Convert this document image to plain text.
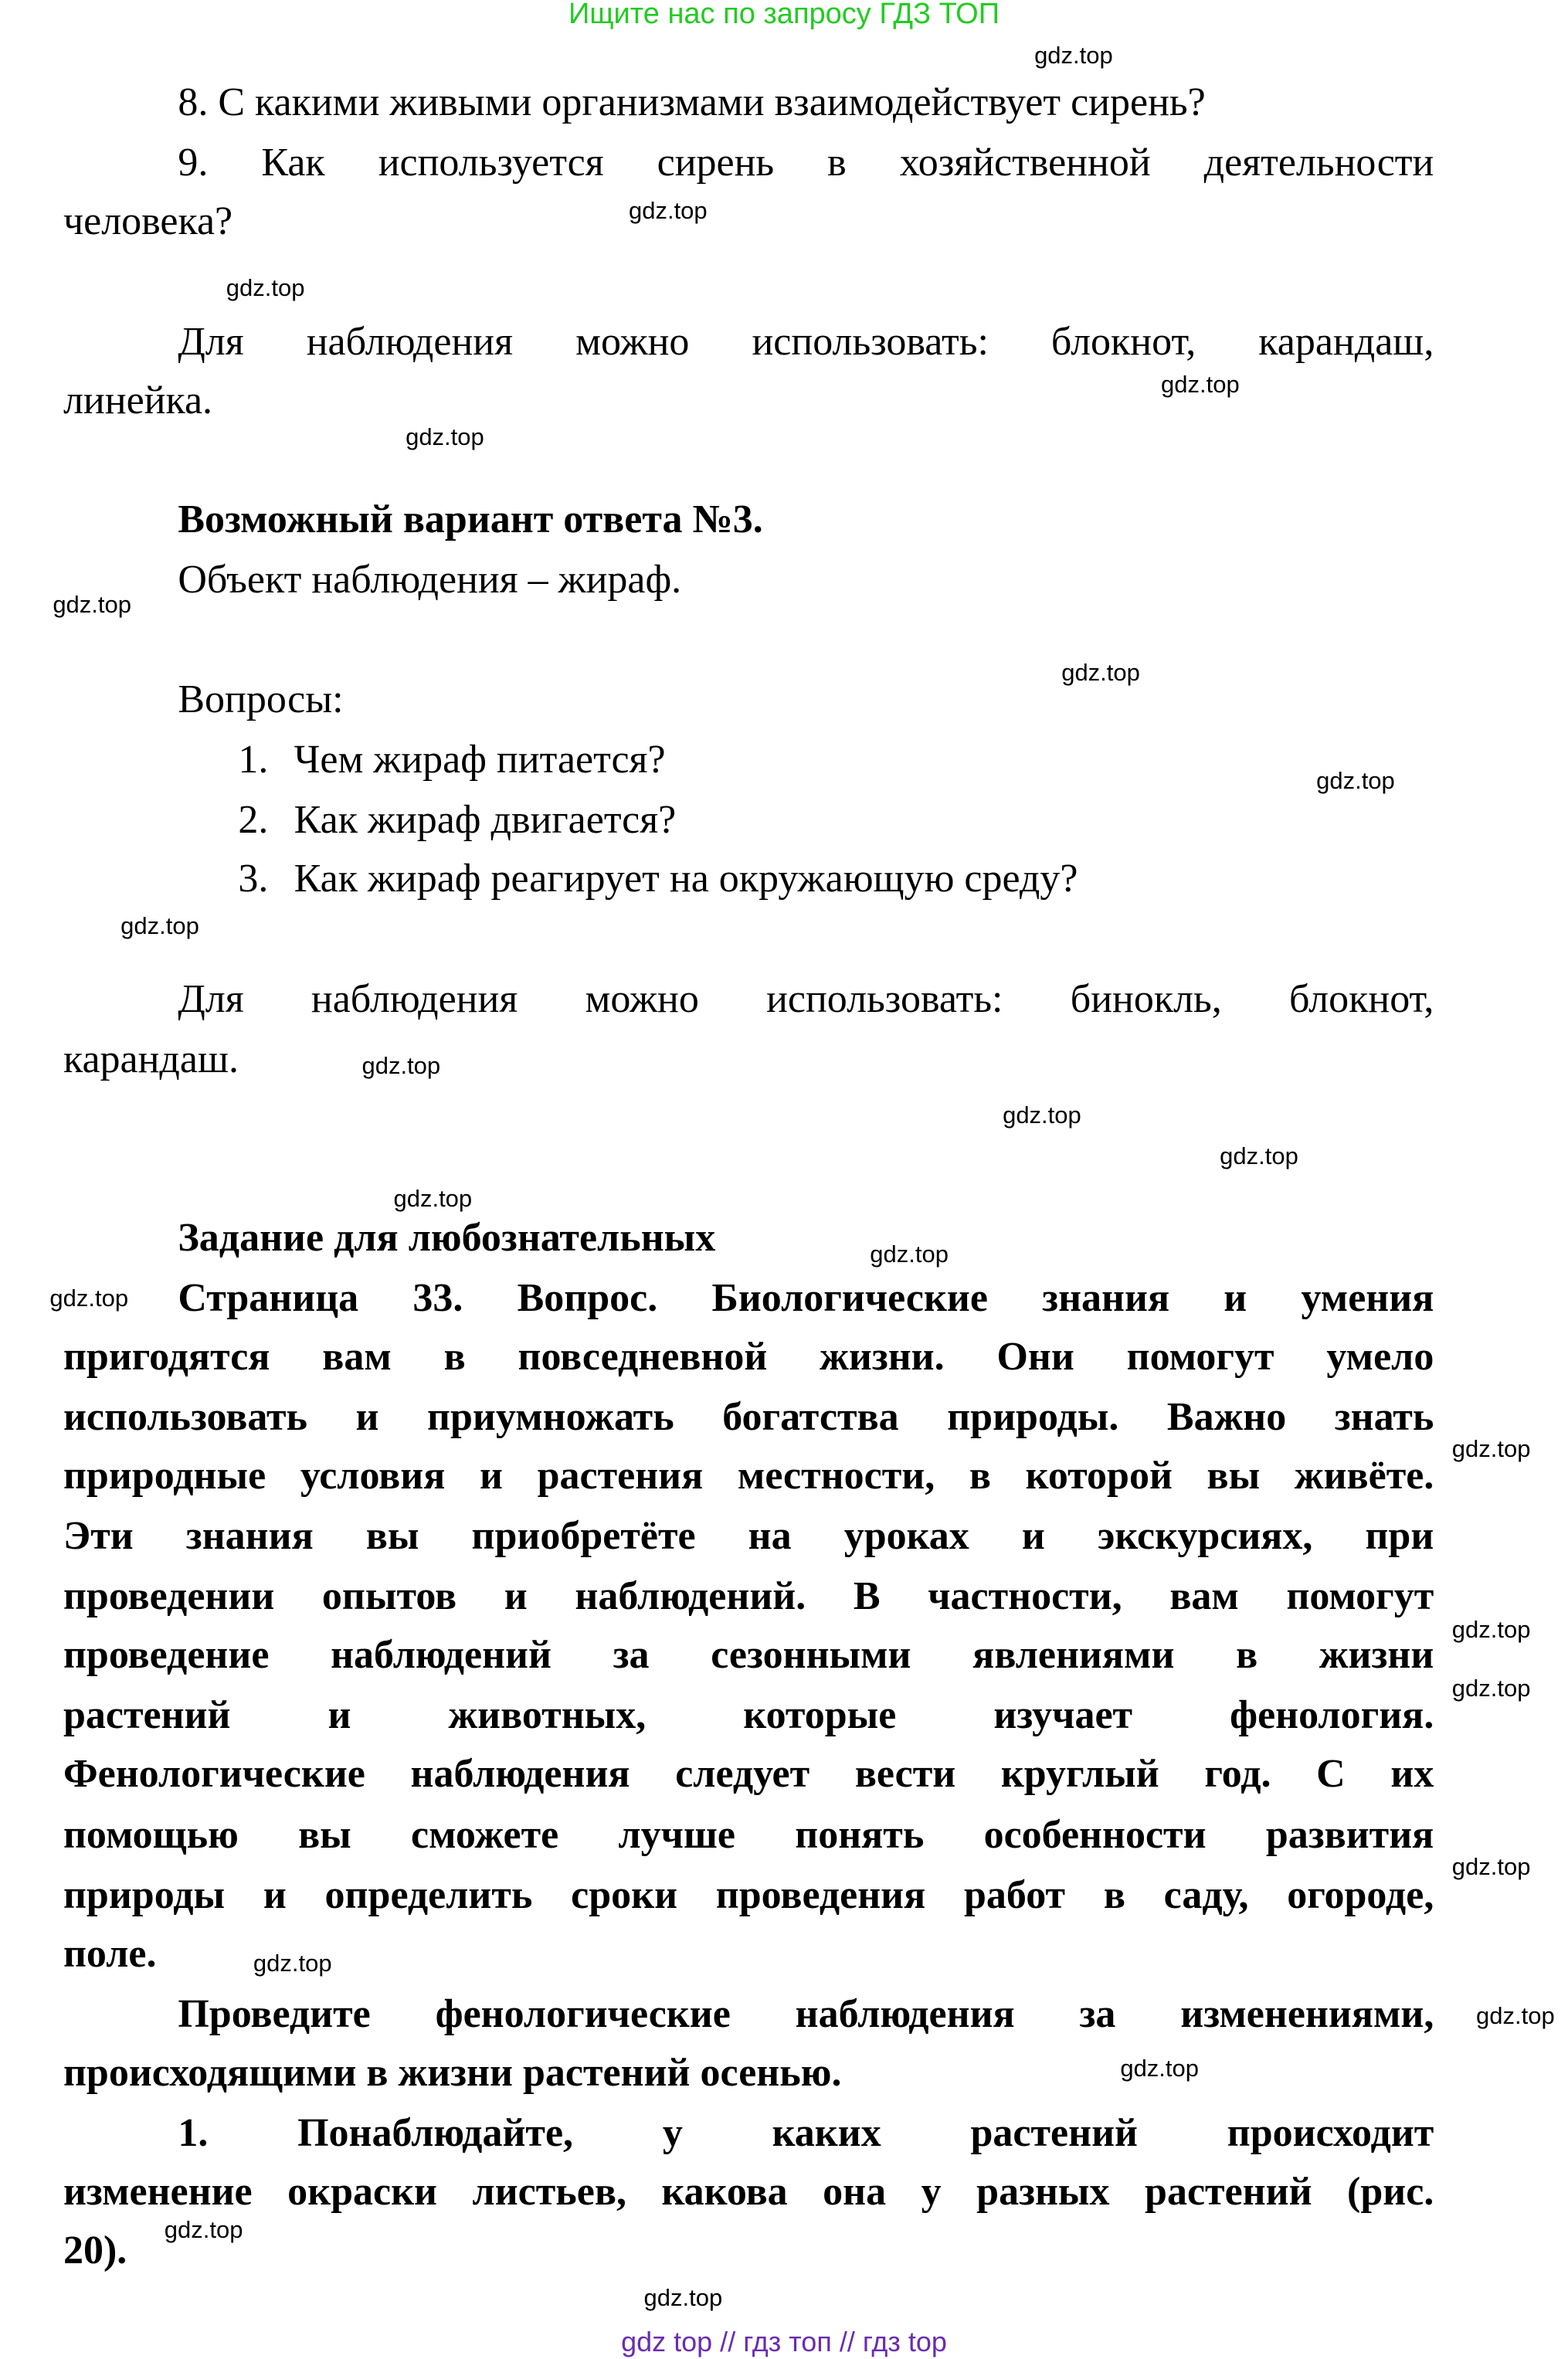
Ищите нас по запросу ГДЗ ТОП
8. С какими живыми организмами взаимодействует сирень?
9. Как используется сирень в хозяйственной деятельности
человека?
Для наблюдения можно использовать: блокнот, карандаш,
линейка.
Возможный вариант ответа №3.
Объект наблюдения – жираф.
Вопросы:
1. Чем жираф питается?
2. Как жираф двигается?
3. Как жираф реагирует на окружающую среду?
Для наблюдения можно использовать: бинокль, блокнот,
карандаш.
Задание для любознательных
Страница 33. Вопрос. Биологические знания и умения
пригодятся вам в повседневной жизни. Они помогут умело
использовать и приумножать богатства природы. Важно знать
природные условия и растения местности, в которой вы живёте.
Эти знания вы приобретёте на уроках и экскурсиях, при
проведении опытов и наблюдений. В частности, вам помогут
проведение наблюдений за сезонными явлениями в жизни
растений и животных, которые изучает фенология.
Фенологические наблюдения следует вести круглый год. С их
помощью вы сможете лучше понять особенности развития
природы и определить сроки проведения работ в саду, огороде,
поле.
Проведите фенологические наблюдения за изменениями,
происходящими в жизни растений осенью.
1. Понаблюдайте, у каких растений происходит
изменение окраски листьев, какова она у разных растений (рис.
20).
gdz.top
gdz.top
gdz.top
gdz.top
gdz.top
gdz.top
gdz.top
gdz.top
gdz.top
gdz.top
gdz.top
gdz.top
gdz.top
gdz.top
gdz.top
gdz.top
gdz.top
gdz.top
gdz.top
gdz.top
gdz.top
gdz.top
gdz.top
gdz.top
gdz top // гдз топ // гдз top
